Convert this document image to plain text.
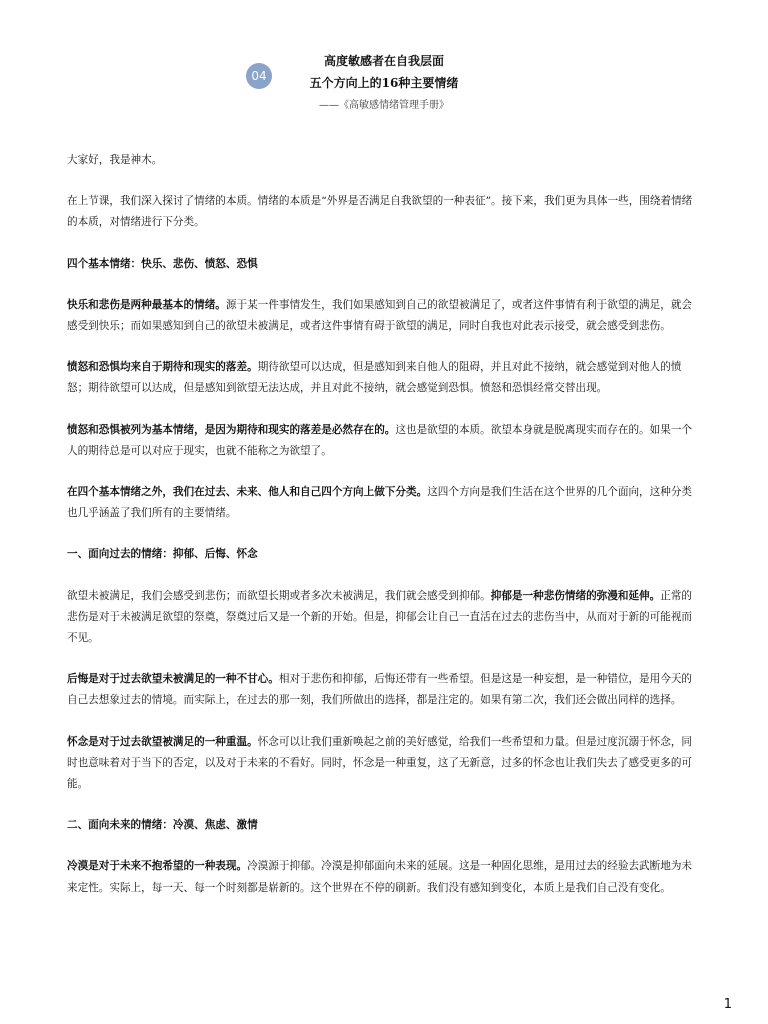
04
高度敏感者在自我层面
五个方向上的16种主要情绪
——《高敏感情绪管理手册》

大家好，我是神木。

在上节课，我们深入探讨了情绪的本质。情绪的本质是“外界是否满足自我欲望的一种表征”。接下来，我们更为具体一些，围绕着情绪的本质，对情绪进行下分类。

四个基本情绪：快乐、悲伤、愤怒、恐惧

快乐和悲伤是两种最基本的情绪。源于某一件事情发生，我们如果感知到自己的欲望被满足了，或者这件事情有利于欲望的满足，就会感受到快乐；而如果感知到自己的欲望未被满足，或者这件事情有碍于欲望的满足，同时自我也对此表示接受，就会感受到悲伤。

愤怒和恐惧均来自于期待和现实的落差。期待欲望可以达成，但是感知到来自他人的阻碍，并且对此不接纳，就会感觉到对他人的愤怒；期待欲望可以达成，但是感知到欲望无法达成，并且对此不接纳，就会感觉到恐惧。愤怒和恐惧经常交替出现。

愤怒和恐惧被列为基本情绪，是因为期待和现实的落差是必然存在的。这也是欲望的本质。欲望本身就是脱离现实而存在的。如果一个人的期待总是可以对应于现实，也就不能称之为欲望了。

在四个基本情绪之外，我们在过去、未来、他人和自己四个方向上做下分类。这四个方向是我们生活在这个世界的几个面向，这种分类也几乎涵盖了我们所有的主要情绪。

一、面向过去的情绪：抑郁、后悔、怀念

欲望未被满足，我们会感受到悲伤；而欲望长期或者多次未被满足，我们就会感受到抑郁。抑郁是一种悲伤情绪的弥漫和延伸。正常的悲伤是对于未被满足欲望的祭奠，祭奠过后又是一个新的开始。但是，抑郁会让自己一直活在过去的悲伤当中，从而对于新的可能视而不见。

后悔是对于过去欲望未被满足的一种不甘心。相对于悲伤和抑郁，后悔还带有一些希望。但是这是一种妄想，是一种错位，是用今天的自己去想象过去的情境。而实际上，在过去的那一刻，我们所做出的选择，都是注定的。如果有第二次，我们还会做出同样的选择。

怀念是对于过去欲望被满足的一种重温。怀念可以让我们重新唤起之前的美好感觉，给我们一些希望和力量。但是过度沉溺于怀念，同时也意味着对于当下的否定，以及对于未来的不看好。同时，怀念是一种重复，这了无新意，过多的怀念也让我们失去了感受更多的可能。

二、面向未来的情绪：冷漠、焦虑、激情

冷漠是对于未来不抱希望的一种表现。冷漠源于抑郁。冷漠是抑郁面向未来的延展。这是一种固化思维，是用过去的经验去武断地为未来定性。实际上，每一天、每一个时刻都是崭新的。这个世界在不停的刷新。我们没有感知到变化，本质上是我们自己没有变化。

1
